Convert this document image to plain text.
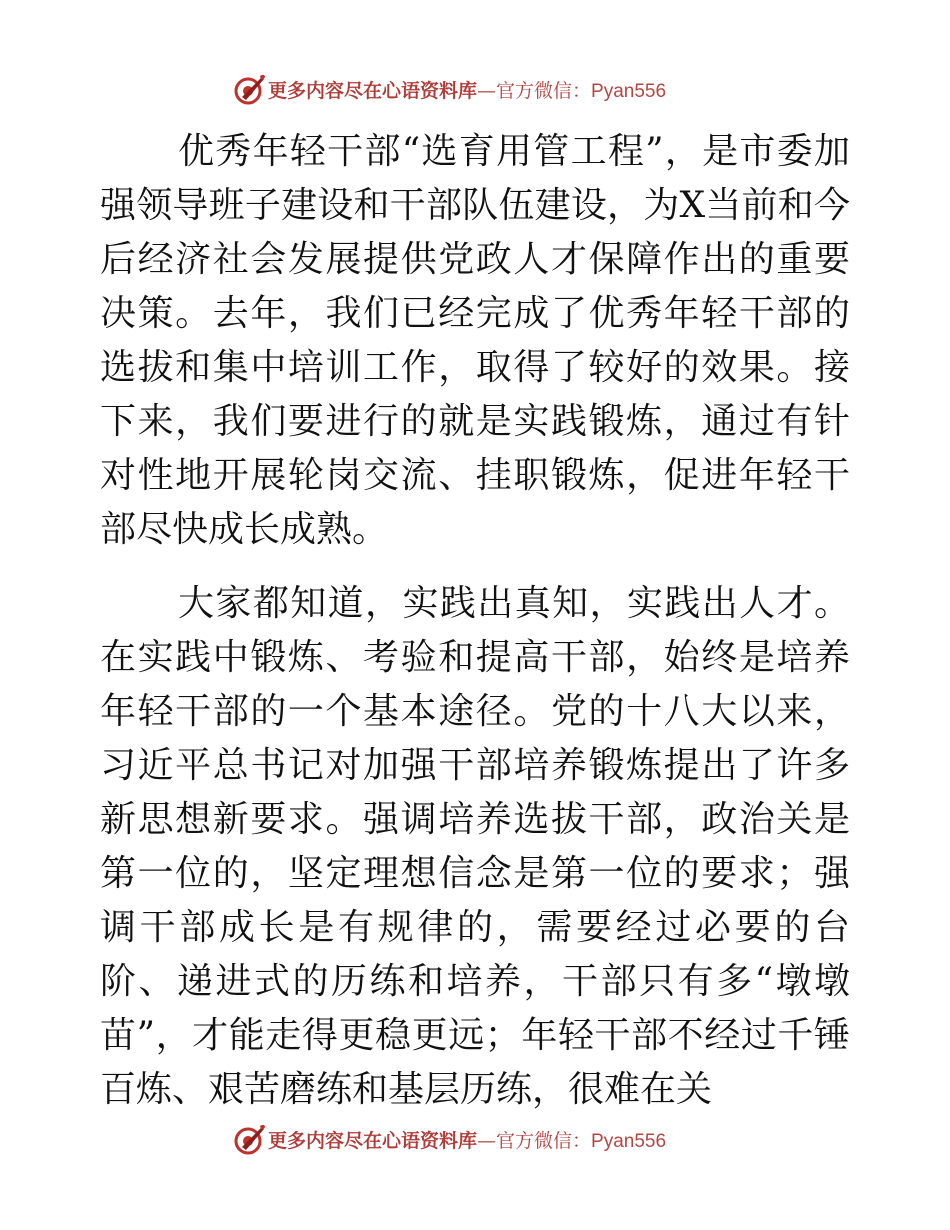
更多内容尽在心语资料库—官方微信：Pyan556

优秀年轻干部“选育用管工程”，是市委加强领导班子建设和干部队伍建设，为X当前和今后经济社会发展提供党政人才保障作出的重要决策。去年，我们已经完成了优秀年轻干部的选拔和集中培训工作，取得了较好的效果。接下来，我们要进行的就是实践锻炼，通过有针对性地开展轮岗交流、挂职锻炼，促进年轻干部尽快成长成熟。

大家都知道，实践出真知，实践出人才。在实践中锻炼、考验和提高干部，始终是培养年轻干部的一个基本途径。党的十八大以来，习近平总书记对加强干部培养锻炼提出了许多新思想新要求。强调培养选拔干部，政治关是第一位的，坚定理想信念是第一位的要求；强调干部成长是有规律的，需要经过必要的台阶、递进式的历练和培养，干部只有多“墩墩苗”，才能走得更稳更远；年轻干部不经过千锤百炼、艰苦磨练和基层历练，很难在关

更多内容尽在心语资料库—官方微信：Pyan556
